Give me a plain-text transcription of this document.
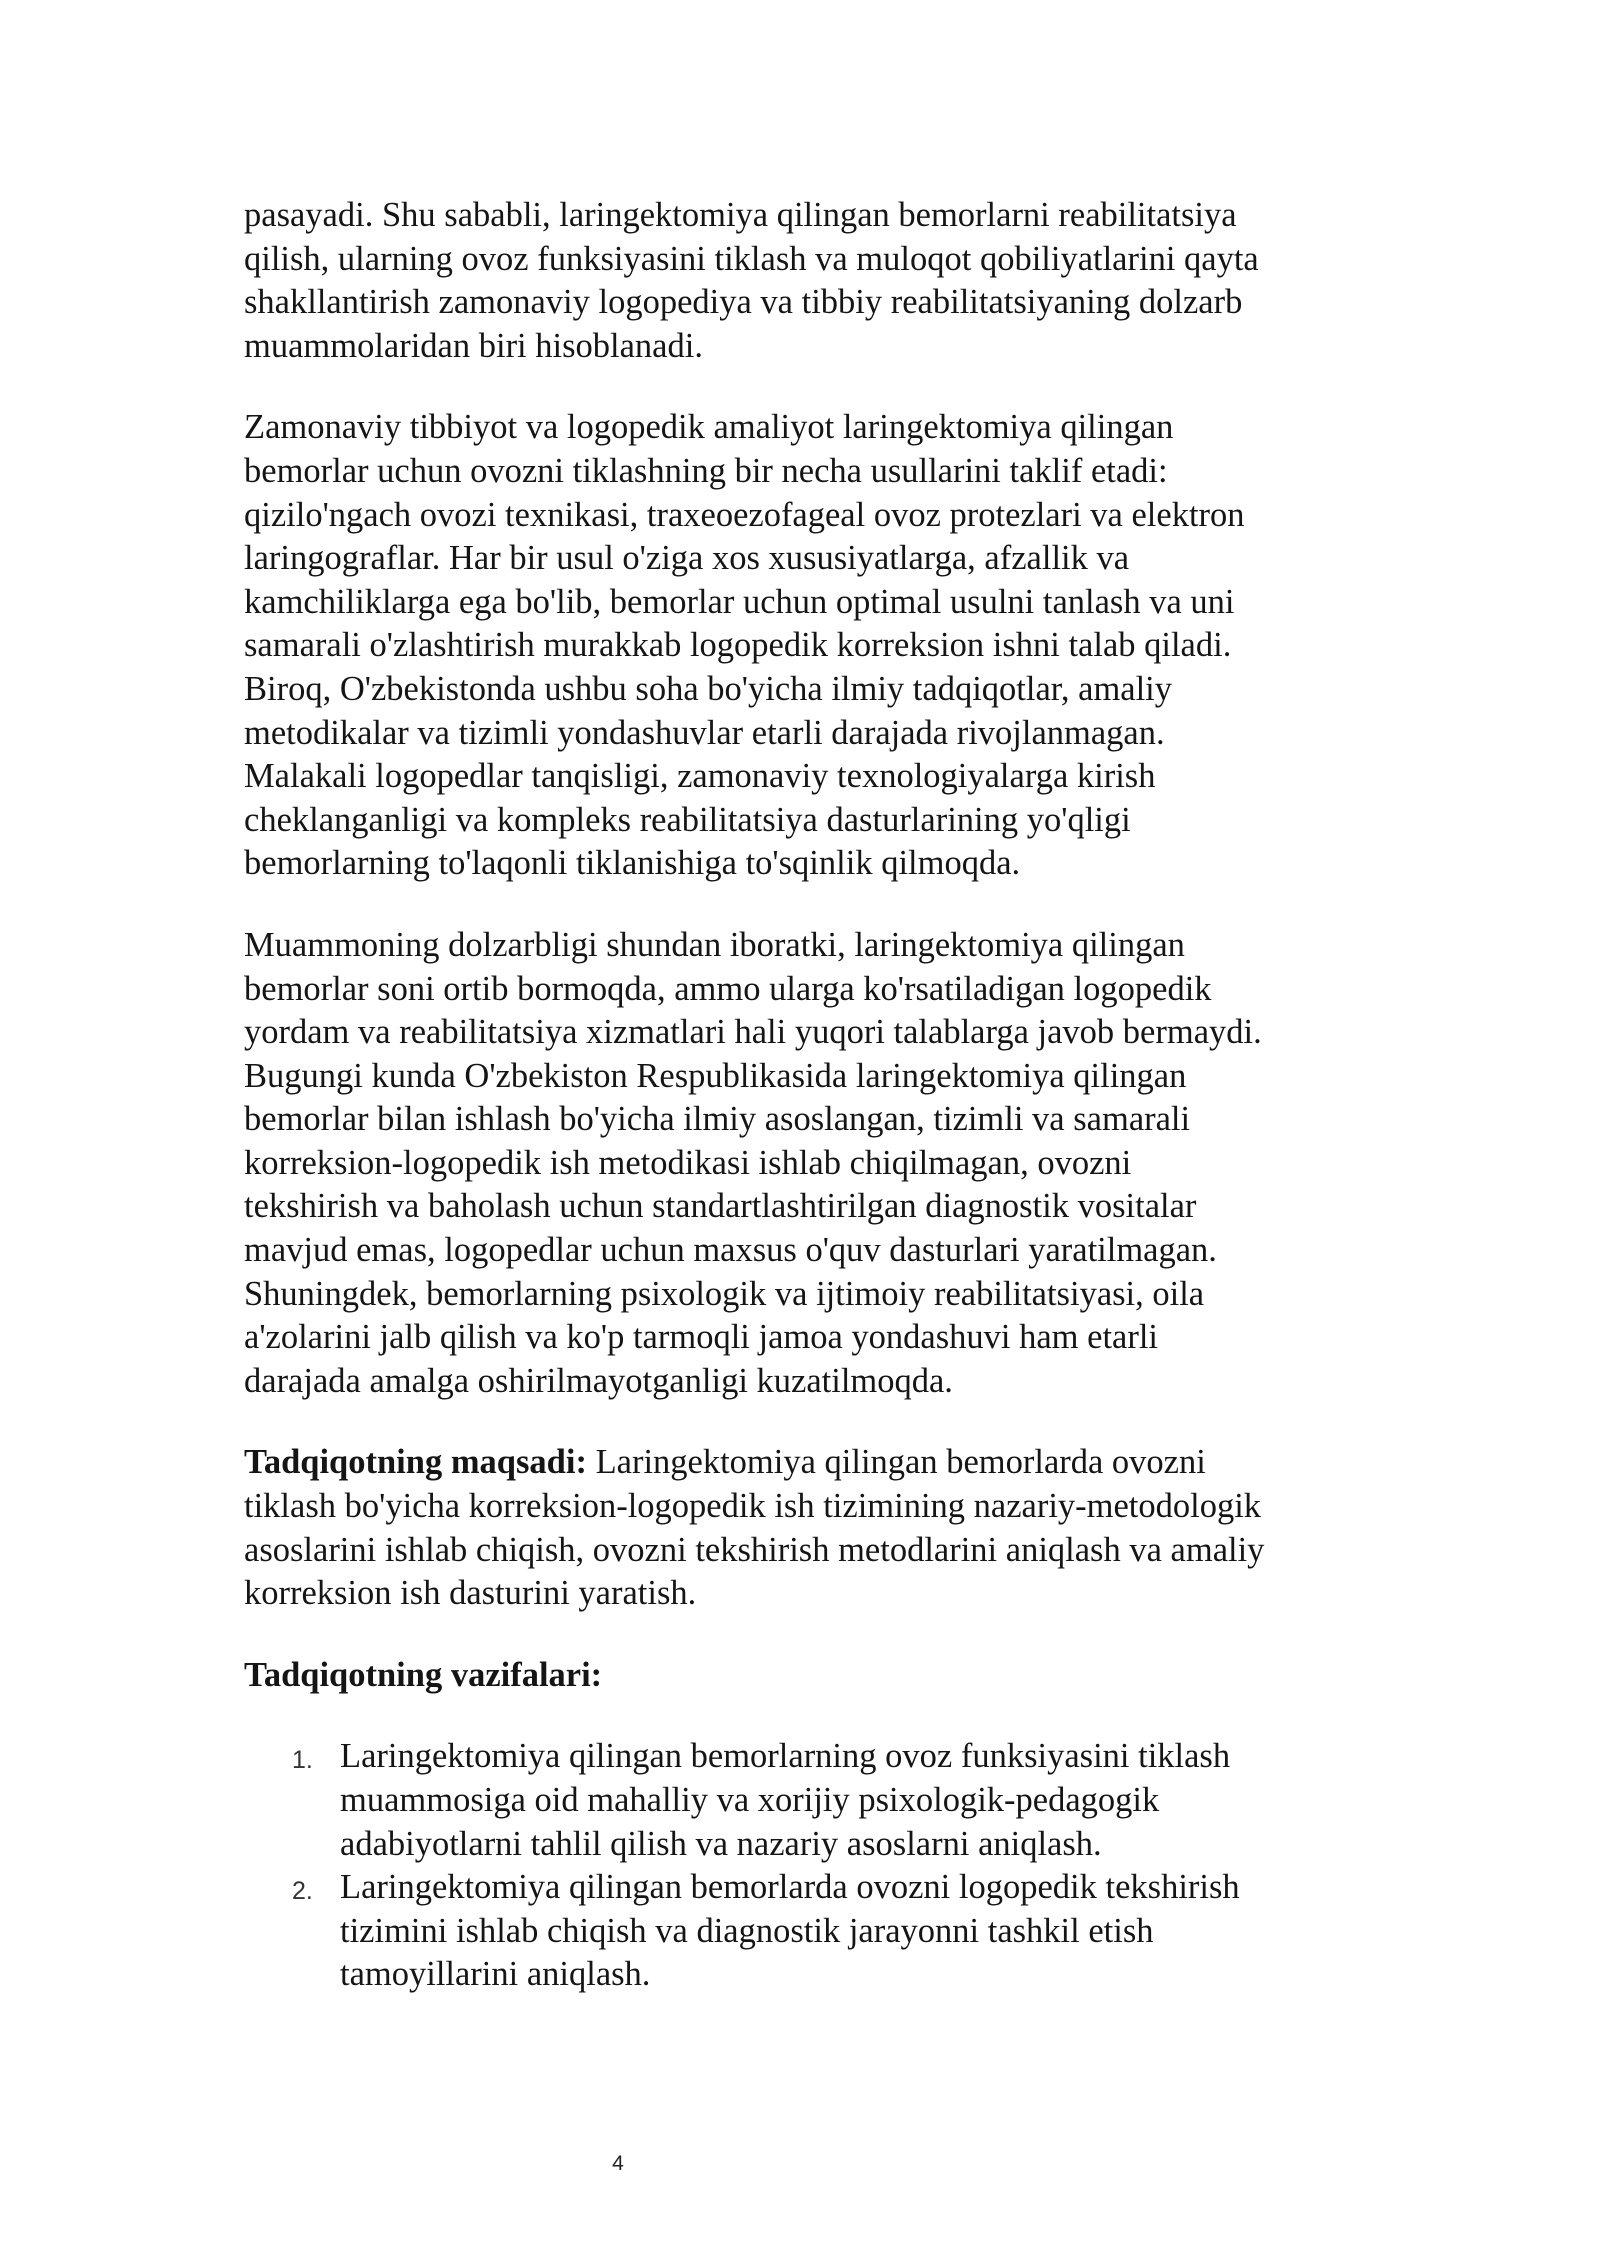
pasayadi. Shu sababli, laringektomiya qilingan bemorlarni reabilitatsiya
qilish, ularning ovoz funksiyasini tiklash va muloqot qobiliyatlarini qayta
shakllantirish zamonaviy logopediya va tibbiy reabilitatsiyaning dolzarb
muammolaridan biri hisoblanadi.

Zamonaviy tibbiyot va logopedik amaliyot laringektomiya qilingan
bemorlar uchun ovozni tiklashning bir necha usullarini taklif etadi:
qizilo'ngach ovozi texnikasi, traxeoezofageal ovoz protezlari va elektron
laringograflar. Har bir usul o'ziga xos xususiyatlarga, afzallik va
kamchiliklarga ega bo'lib, bemorlar uchun optimal usulni tanlash va uni
samarali o'zlashtirish murakkab logopedik korreksion ishni talab qiladi.
Biroq, O'zbekistonda ushbu soha bo'yicha ilmiy tadqiqotlar, amaliy
metodikalar va tizimli yondashuvlar etarli darajada rivojlanmagan.
Malakali logopedlar tanqisligi, zamonaviy texnologiyalarga kirish
cheklanganligi va kompleks reabilitatsiya dasturlarining yo'qligi
bemorlarning to'laqonli tiklanishiga to'sqinlik qilmoqda.

Muammoning dolzarbligi shundan iboratki, laringektomiya qilingan
bemorlar soni ortib bormoqda, ammo ularga ko'rsatiladigan logopedik
yordam va reabilitatsiya xizmatlari hali yuqori talablarga javob bermaydi.
Bugungi kunda O'zbekiston Respublikasida laringektomiya qilingan
bemorlar bilan ishlash bo'yicha ilmiy asoslangan, tizimli va samarali
korreksion-logopedik ish metodikasi ishlab chiqilmagan, ovozni
tekshirish va baholash uchun standartlashtirilgan diagnostik vositalar
mavjud emas, logopedlar uchun maxsus o'quv dasturlari yaratilmagan.
Shuningdek, bemorlarning psixologik va ijtimoiy reabilitatsiyasi, oila
a'zolarini jalb qilish va ko'p tarmoqli jamoa yondashuvi ham etarli
darajada amalga oshirilmayotganligi kuzatilmoqda.

Tadqiqotning maqsadi: Laringektomiya qilingan bemorlarda ovozni
tiklash bo'yicha korreksion-logopedik ish tizimining nazariy-metodologik
asoslarini ishlab chiqish, ovozni tekshirish metodlarini aniqlash va amaliy
korreksion ish dasturini yaratish.

Tadqiqotning vazifalari:
1. Laringektomiya qilingan bemorlarning ovoz funksiyasini tiklash
muammosiga oid mahalliy va xorijiy psixologik-pedagogik
adabiyotlarni tahlil qilish va nazariy asoslarni aniqlash.
2. Laringektomiya qilingan bemorlarda ovozni logopedik tekshirish
tizimini ishlab chiqish va diagnostik jarayonni tashkil etish
tamoyillarini aniqlash.
4
